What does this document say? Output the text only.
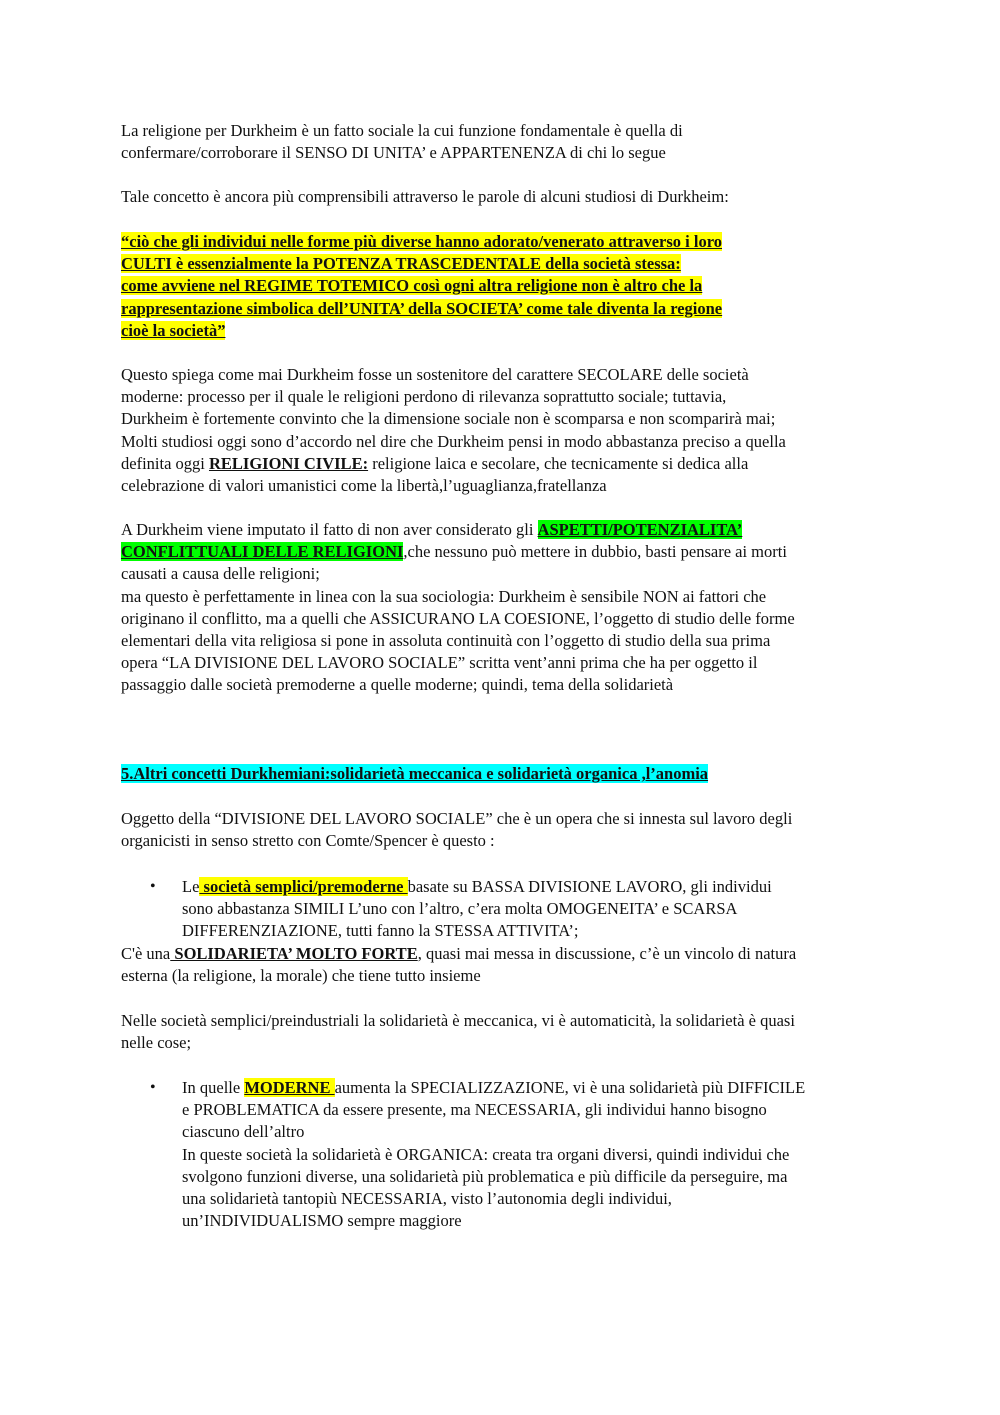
La religione per Durkheim è un fatto sociale la cui funzione fondamentale è quella di
confermare/corroborare il SENSO DI UNITA’ e APPARTENENZA di chi lo segue
Tale concetto è ancora più comprensibili attraverso le parole di alcuni studiosi di Durkheim:
“ciò che gli individui nelle forme più diverse hanno adorato/venerato attraverso i loro
CULTI è essenzialmente la POTENZA TRASCEDENTALE della società stessa:
come avviene nel REGIME TOTEMICO così ogni altra religione non è altro che la
rappresentazione simbolica dell’UNITA’ della SOCIETA’ come tale diventa la regione
cioè la società”
Questo spiega come mai Durkheim fosse un sostenitore del carattere SECOLARE delle società
moderne: processo per il quale le religioni perdono di rilevanza soprattutto sociale; tuttavia,
Durkheim è fortemente convinto che la dimensione sociale non è scomparsa e non scomparirà mai;
Molti studiosi oggi sono d’accordo nel dire che Durkheim pensi in modo abbastanza preciso a quella
definita oggi RELIGIONI CIVILE: religione laica e secolare, che tecnicamente si dedica alla
celebrazione di valori umanistici come la libertà,l’uguaglianza,fratellanza
A Durkheim viene imputato il fatto di non aver considerato gli ASPETTI/POTENZIALITA’
CONFLITTUALI DELLE RELIGIONI,che nessuno può mettere in dubbio, basti pensare ai morti
causati a causa delle religioni;
ma questo è perfettamente in linea con la sua sociologia: Durkheim è sensibile NON ai fattori che
originano il conflitto, ma a quelli che ASSICURANO LA COESIONE, l’oggetto di studio delle forme
elementari della vita religiosa si pone in assoluta continuità con l’oggetto di studio della sua prima
opera “LA DIVISIONE DEL LAVORO SOCIALE” scritta vent’anni prima che ha per oggetto il
passaggio dalle società premoderne a quelle moderne; quindi, tema della solidarietà
5.Altri concetti Durkhemiani:solidarietà meccanica e solidarietà organica ,l’anomia
Oggetto della “DIVISIONE DEL LAVORO SOCIALE” che è un opera che si innesta sul lavoro degli
organicisti in senso stretto con Comte/Spencer è questo :
• Le società semplici/premoderne basate su BASSA DIVISIONE LAVORO, gli individui
sono abbastanza SIMILI L’uno con l’altro, c’era molta OMOGENEITA’ e SCARSA
DIFFERENZIAZIONE, tutti fanno la STESSA ATTIVITA’;
C'è una SOLIDARIETA’ MOLTO FORTE, quasi mai messa in discussione, c’è un vincolo di natura
esterna (la religione, la morale) che tiene tutto insieme
Nelle società semplici/preindustriali la solidarietà è meccanica, vi è automaticità, la solidarietà è quasi
nelle cose;
• In quelle MODERNE aumenta la SPECIALIZZAZIONE, vi è una solidarietà più DIFFICILE
e PROBLEMATICA da essere presente, ma NECESSARIA, gli individui hanno bisogno
ciascuno dell’altro
In queste società la solidarietà è ORGANICA: creata tra organi diversi, quindi individui che
svolgono funzioni diverse, una solidarietà più problematica e più difficile da perseguire, ma
una solidarietà tantopiù NECESSARIA, visto l’autonomia degli individui,
un’INDIVIDUALISMO sempre maggiore
